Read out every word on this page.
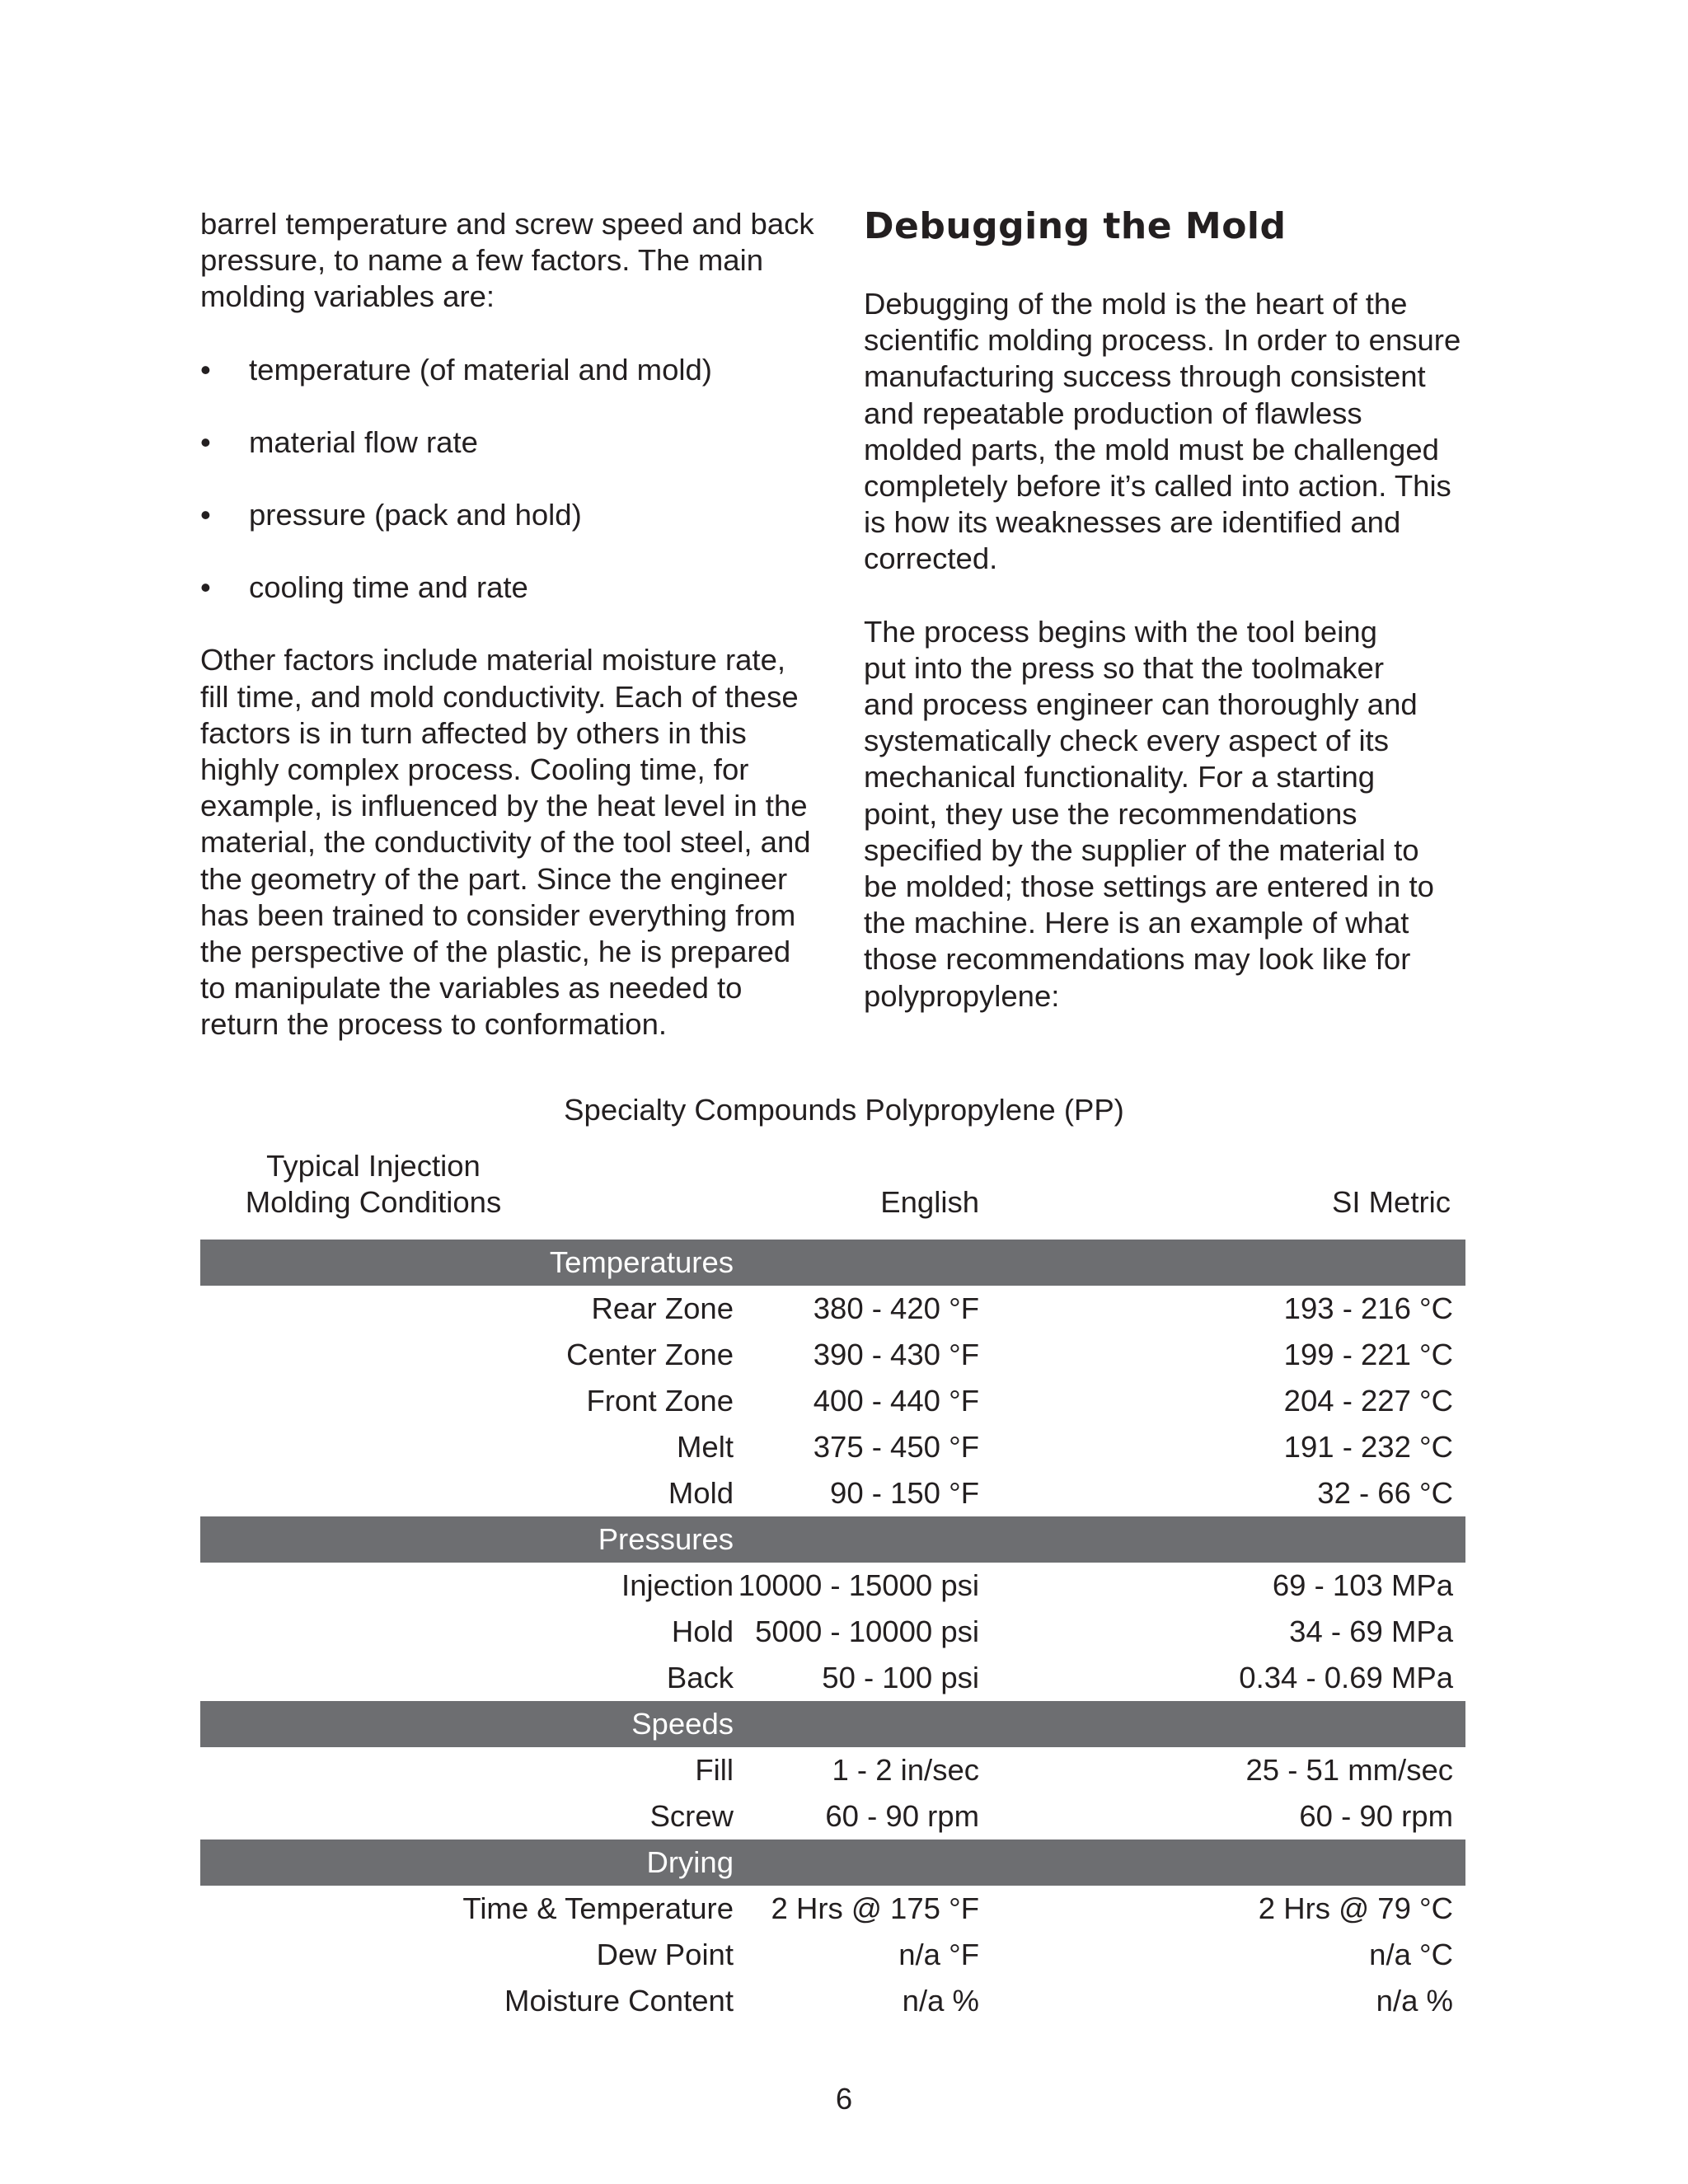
barrel temperature and screw speed and back

pressure, to name a few factors. The main

molding variables are:

• temperature (of material and mold)
• material flow rate
• pressure (pack and hold)
• cooling time and rate

Other factors include material moisture rate,

fill time, and mold conductivity. Each of these

factors is in turn affected by others in this

highly complex process. Cooling time, for

example, is influenced by the heat level in the

material, the conductivity of the tool steel, and

the geometry of the part. Since the engineer

has been trained to consider everything from

the perspective of the plastic, he is prepared

to manipulate the variables as needed to

return the process to conformation.

Debugging the Mold

Debugging of the mold is the heart of the

scientific molding process. In order to ensure

manufacturing success through consistent

and repeatable production of flawless

molded parts, the mold must be challenged

completely before it’s called into action. This

is how its weaknesses are identified and

corrected.

The process begins with the tool being

put into the press so that the toolmaker

and process engineer can thoroughly and

systematically check every aspect of its

mechanical functionality. For a starting

point, they use the recommendations

specified by the supplier of the material to

be molded; those settings are entered in to

the machine. Here is an example of what

those recommendations may look like for

polypropylene:

Specialty Compounds Polypropylene (PP)
Typical Injection
Molding Conditions	English	SI Metric
Temperatures
Rear Zone	380 - 420 °F	193 - 216 °C
Center Zone	390 - 430 °F	199 - 221 °C
Front Zone	400 - 440 °F	204 - 227 °C
Melt	375 - 450 °F	191 - 232 °C
Mold	90 - 150 °F	32 - 66 °C
Pressures
Injection 10000 - 15000 psi	69 - 103 MPa
Hold 5000 - 10000 psi	34 - 69 MPa
Back	50 - 100 psi	0.34 - 0.69 MPa
Speeds
Fill	1 - 2 in/sec	25 - 51 mm/sec
Screw	60 - 90 rpm	60 - 90 rpm
Drying
Time & Temperature 2 Hrs @ 175 °F	2 Hrs @ 79 °C
Dew Point	n/a °F	n/a °C
Moisture Content	n/a %	n/a %
6
